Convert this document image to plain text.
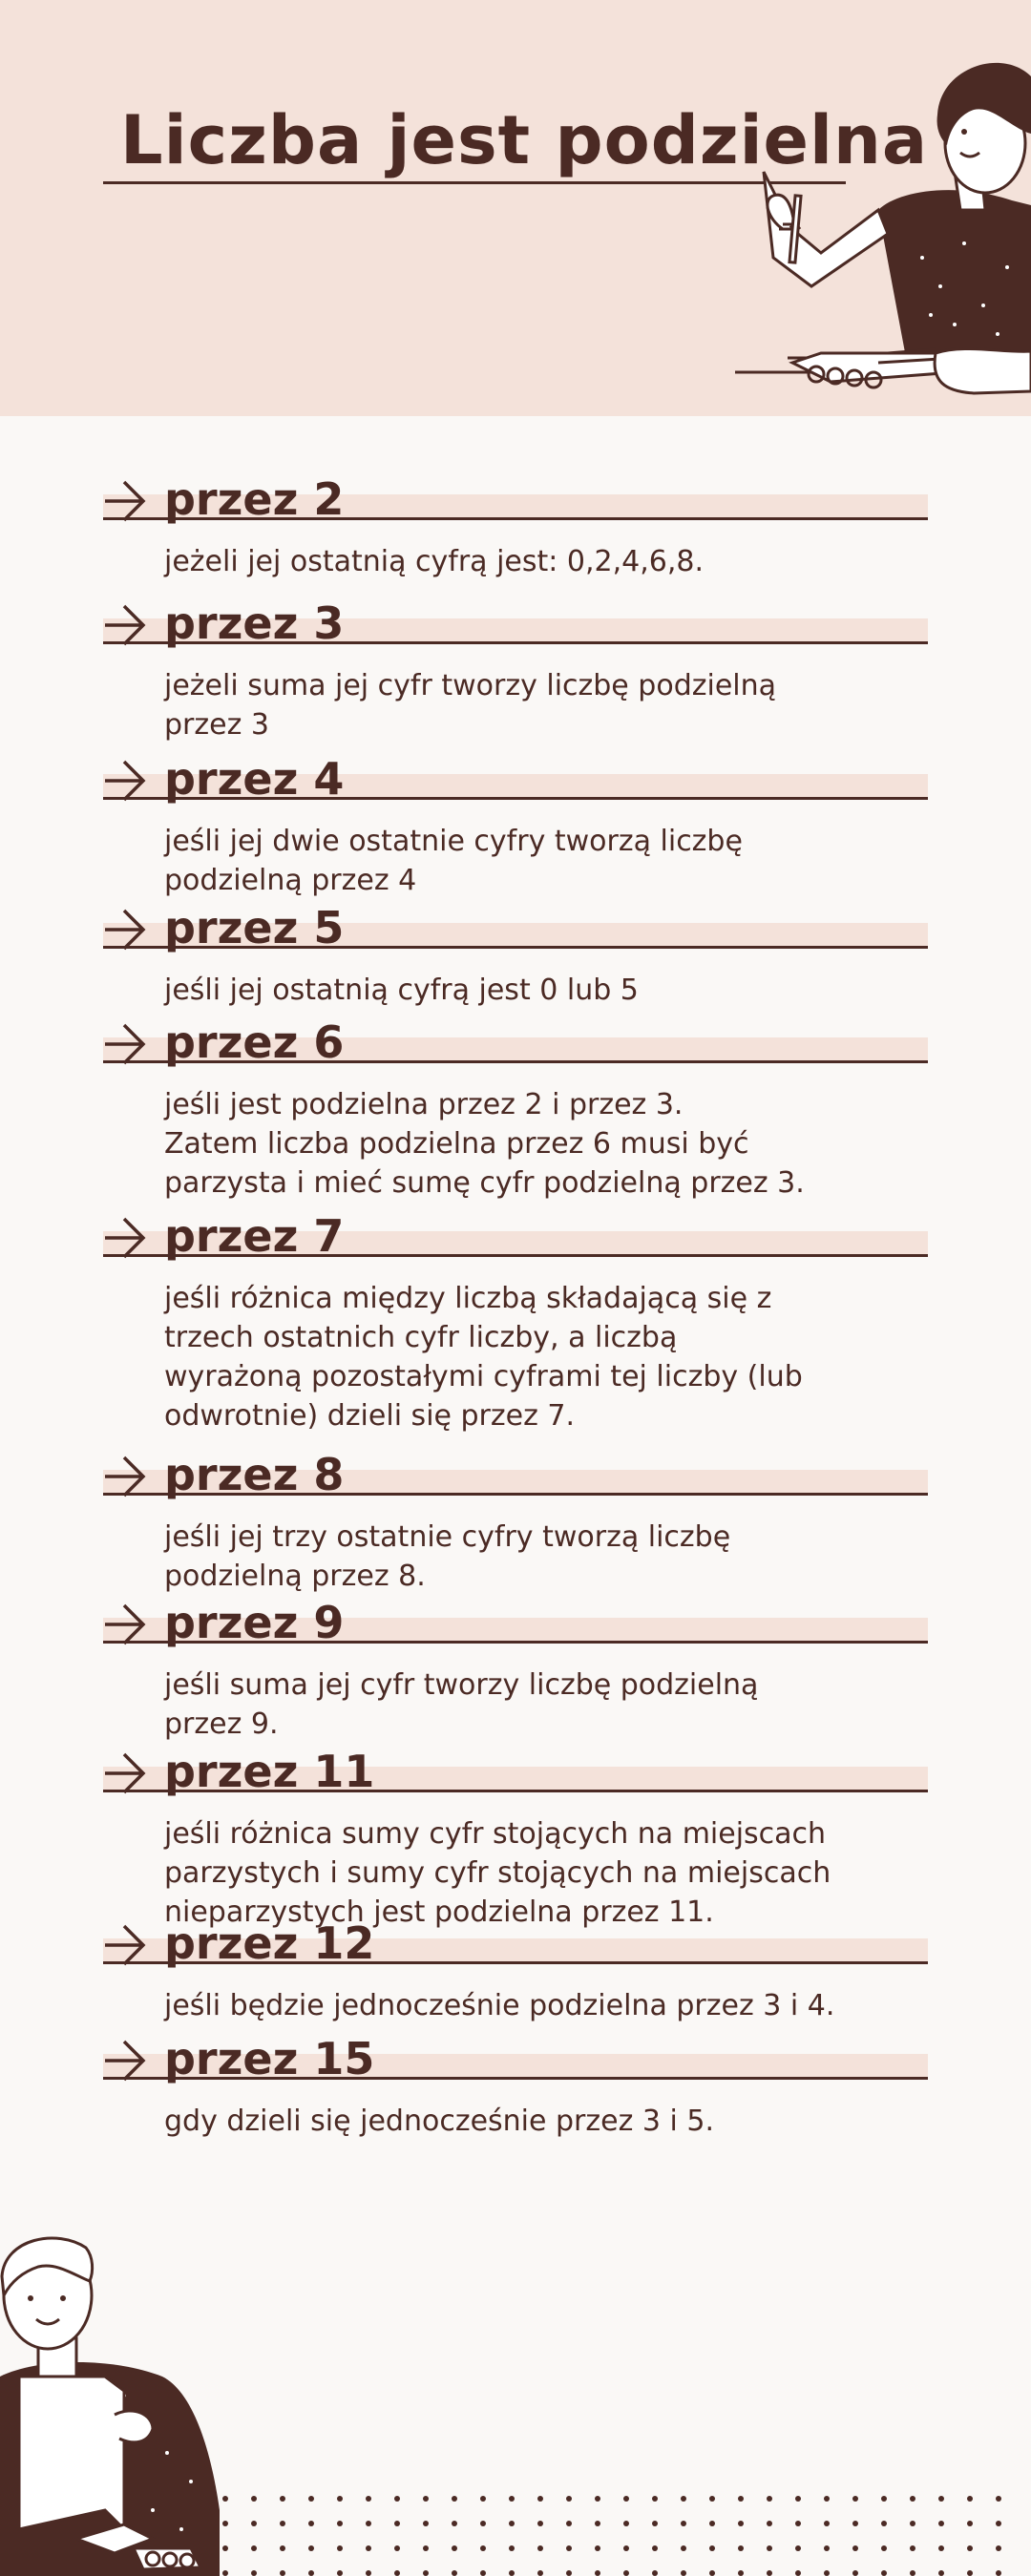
Liczba jest podzielna
przez 2
jeżeli jej ostatnią cyfrą jest: 0,2,4,6,8.
przez 3
jeżeli suma jej cyfr tworzy liczbę podzielną
przez 3
przez 4
jeśli jej dwie ostatnie cyfry tworzą liczbę
podzielną przez 4
przez 5
jeśli jej ostatnią cyfrą jest 0 lub 5
przez 6
jeśli jest podzielna przez 2 i przez 3.
Zatem liczba podzielna przez 6 musi być
parzysta i mieć sumę cyfr podzielną przez 3.
przez 7
jeśli różnica między liczbą składającą się z
trzech ostatnich cyfr liczby, a liczbą
wyrażoną pozostałymi cyframi tej liczby (lub
odwrotnie) dzieli się przez 7.
przez 8
jeśli jej trzy ostatnie cyfry tworzą liczbę
podzielną przez 8.
przez 9
jeśli suma jej cyfr tworzy liczbę podzielną
przez 9.
przez 11
jeśli różnica sumy cyfr stojących na miejscach
parzystych i sumy cyfr stojących na miejscach
nieparzystych jest podzielna przez 11.
przez 12
jeśli będzie jednocześnie podzielna przez 3 i 4.
przez 15
gdy dzieli się jednocześnie przez 3 i 5.
